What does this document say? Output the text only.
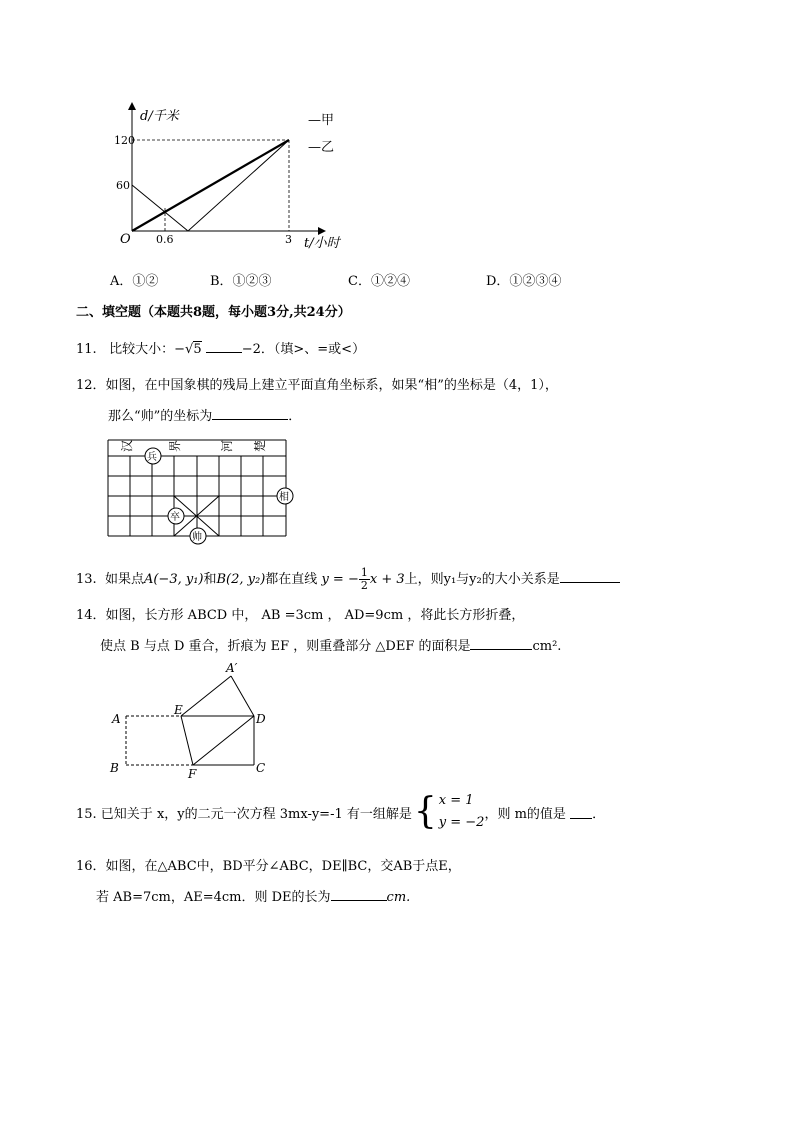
d/千米
120
60
O 0.6	3 t/小时
—甲
—乙
A．①②	B．①②③	C．①②④	D．①②③④
二、填空题（本题共8题，每小题3分,共24分）
11. 比较大小：−√5	−2．（填>、=或<）
12．如图，在中国象棋的残局上建立平面直角坐标系，如果“相”的坐标是（4，1），
那么“帅”的坐标为	．
汉	界	河 楚
兵
相
卒
帅
13. 如果点A(−3, y₁)和B(2, y₂)都在直线 y = − $\frac{1}{2}$ x + 3上，则y₁与y₂的大小关系是
14．如图，长方形 ABCD 中， AB =3cm ， AD=9cm ，将此长方形折叠，
使点 B 与点 D 重合，折痕为 EF ，则重叠部分 △DEF 的面积是	cm².
A′
E
D
A
B	F	C
15. 已知关于 x，y的二元一次方程 3mx-y=-1 有一组解是 { x = 1
y = −2
，则 m的值是
．
16．如图，在△ABC中，BD平分∠ABC，DE∥BC，交AB于点E，
若 AB=7cm，AE=4cm．则 DE的长为	cm.
